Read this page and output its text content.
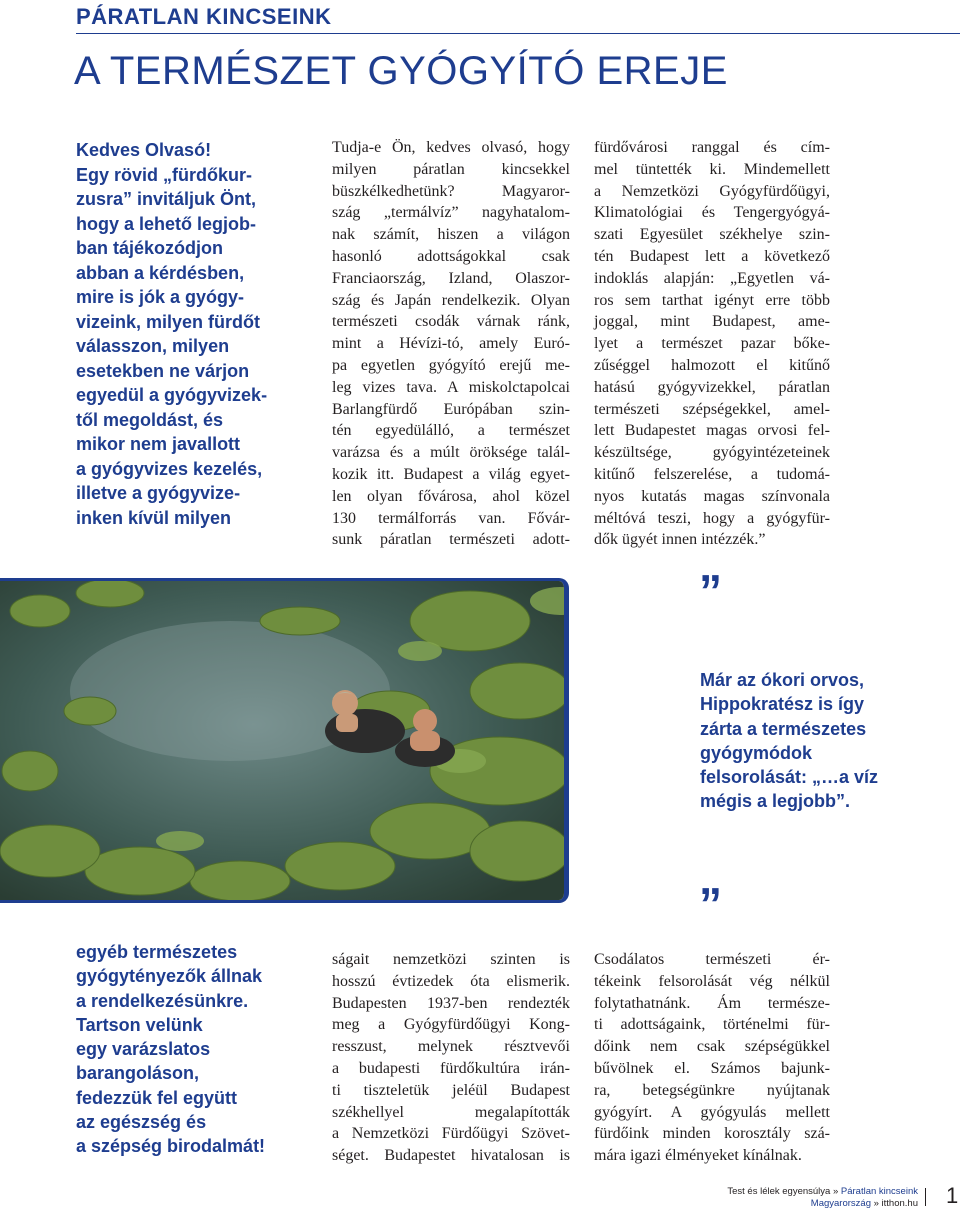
PÁRATLAN KINCSEINK
A TERMÉSZET GYÓGYÍTÓ EREJE
Kedves Olvasó!
Egy rövid „fürdőkur-
zusra” invitáljuk Önt,
hogy a lehető legjob-
ban tájékozódjon
abban a kérdésben,
mire is jók a gyógy-
vizeink, milyen fürdőt
válasszon, milyen
esetekben ne várjon
egyedül a gyógyvizek-
től megoldást, és
mikor nem javallott
a gyógyvizes kezelés,
illetve a gyógyvize-
inken kívül milyen
Tudja-e Ön, kedves olvasó, hogy
milyen páratlan kincsekkel
büszkélkedhetünk? Magyaror-
szág „termálvíz” nagyhatalom-
nak számít, hiszen a világon
hasonló adottságokkal csak
Franciaország, Izland, Olaszor-
szág és Japán rendelkezik. Olyan
természeti csodák várnak ránk,
mint a Hévízi-tó, amely Euró-
pa egyetlen gyógyító erejű me-
leg vizes tava. A miskolctapolcai
Barlangfürdő Európában szin-
tén egyedülálló, a természet
varázsa és a múlt öröksége talál-
kozik itt. Budapest a világ egyet-
len olyan fővárosa, ahol közel
130 termálforrás van. Fővár-
sunk páratlan természeti adott-
fürdővárosi ranggal és cím-
mel tüntették ki. Mindemellett
a Nemzetközi Gyógyfürdőügyi,
Klimatológiai és Tengergyógyá-
szati Egyesület székhelye szin-
tén Budapest lett a következő
indoklás alapján: „Egyetlen vá-
ros sem tarthat igényt erre több
joggal, mint Budapest, ame-
lyet a természet pazar bőke-
zűséggel halmozott el kitűnő
hatású gyógyvizekkel, páratlan
természeti szépségekkel, amel-
lett Budapestet magas orvosi fel-
készültsége, gyógyintézeteinek
kitűnő felszerelése, a tudomá-
nyos kutatás magas színvonala
méltóvá teszi, hogy a gyógyfür-
dők ügyét innen intézzék.”
”
Már az ókori orvos,
Hippokratész is így
zárta a természetes
gyógymódok
felsorolását: „…a víz
mégis a legjobb”.
”
egyéb természetes
gyógytényezők állnak
a rendelkezésünkre.
Tartson velünk
egy varázslatos
barangoláson,
fedezzük fel együtt
az egészség és
a szépség birodalmát!
ságait nemzetközi szinten is
hosszú évtizedek óta elismerik.
Budapesten 1937-ben rendezték
meg a Gyógyfürdőügyi Kong-
resszust, melynek résztvevői
a budapesti fürdőkultúra irán-
ti tiszteletük jeléül Budapest
székhellyel megalapították
a Nemzetközi Fürdőügyi Szövet-
séget. Budapestet hivatalosan is
Csodálatos természeti ér-
tékeink felsorolását vég nélkül
folytathatnánk. Ám természe-
ti adottságaink, történelmi für-
dőink nem csak szépségükkel
bűvölnek el. Számos bajunk-
ra, betegségünkre nyújtanak
gyógyírt. A gyógyulás mellett
fürdőink minden korosztály szá-
mára igazi élményeket kínálnak.
Test és lélek egyensúlya » Páratlan kincseink
Magyarország » itthon.hu 1
